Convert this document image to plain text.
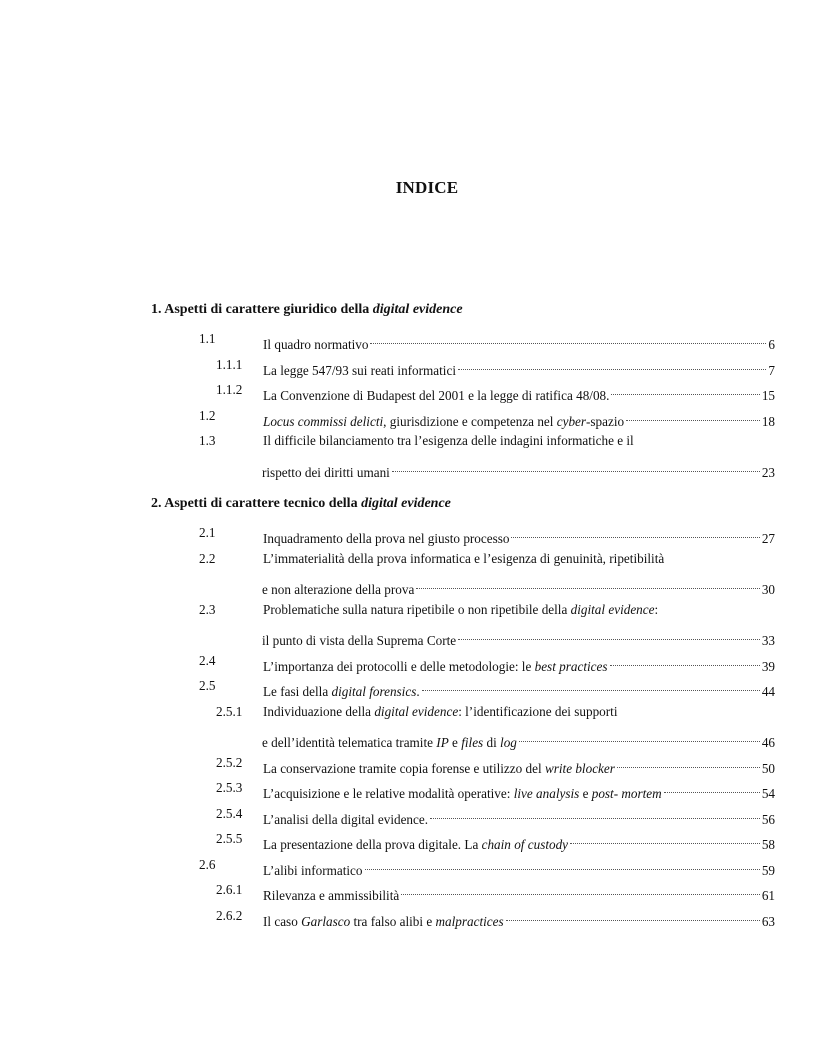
INDICE
1. Aspetti di carattere giuridico della digital evidence
1.1	Il quadro normativo	6
1.1.1 La legge 547/93 sui reati informatici	7
1.1.2 La Convenzione di Budapest del 2001 e la legge di ratifica 48/08.	15
1.2	Locus commissi delicti, giurisdizione e competenza nel cyber-spazio	18
1.3	Il difficile bilanciamento tra l’esigenza delle indagini informatiche e il
rispetto dei diritti umani	23
2. Aspetti di carattere tecnico della digital evidence
2.1	Inquadramento della prova nel giusto processo	27
2.2	L’immaterialità della prova informatica e l’esigenza di genuinità, ripetibilità
e non alterazione della prova	30
2.3	Problematiche sulla natura ripetibile o non ripetibile della digital evidence:
il punto di vista della Suprema Corte	33
2.4	L’importanza dei protocolli e delle metodologie: le best practices	39
2.5	Le fasi della digital forensics.	44
2.5.1 Individuazione della digital evidence: l’identificazione dei supporti
e dell’identità telematica tramite IP e files di log	46
2.5.2 La conservazione tramite copia forense e utilizzo del write blocker	50
2.5.3 L’acquisizione e le relative modalità operative: live analysis e post- mortem	54
2.5.4 L’analisi della digital evidence.	56
2.5.5 La presentazione della prova digitale. La chain of custody	58
2.6	L’alibi informatico	59
2.6.1 Rilevanza e ammissibilità	61
2.6.2 Il caso Garlasco tra falso alibi e malpractices	63
